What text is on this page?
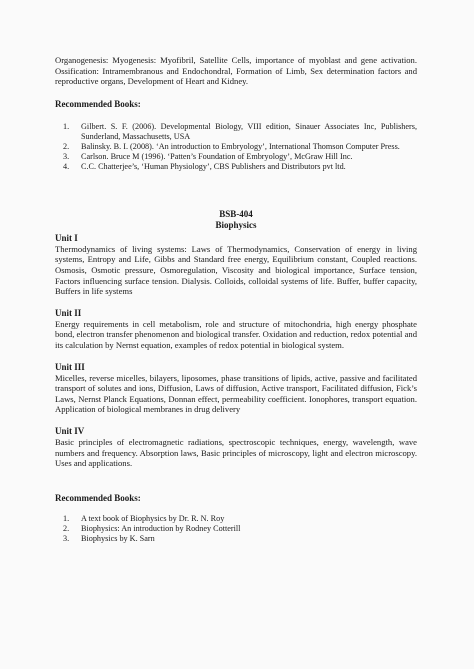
Organogenesis: Myogenesis: Myofibril, Satellite Cells, importance of myoblast and gene activation. Ossification: Intramembranous and Endochondral, Formation of Limb, Sex determination factors and reproductive organs, Development of Heart and Kidney.

Recommended Books:

1.	Gilbert. S. F. (2006). Developmental Biology, VIII edition, Sinauer Associates Inc, Publishers, Sunderland, Massachusetts, USA
2.	Balinsky. B. I. (2008). ‘An introduction to Embryology’, International Thomson Computer Press.
3.	Carlson. Bruce M (1996). ‘Patten’s Foundation of Embryology’, McGraw Hill Inc.
4.	C.C. Chatterjee’s, ‘Human Physiology’, CBS Publishers and Distributors pvt ltd.

BSB-404

Biophysics

Unit I

Thermodynamics of living systems: Laws of Thermodynamics, Conservation of energy in living systems, Entropy and Life, Gibbs and Standard free energy, Equilibrium constant, Coupled reactions. Osmosis, Osmotic pressure, Osmoregulation, Viscosity and biological importance, Surface tension, Factors influencing surface tension. Dialysis. Colloids, colloidal systems of life. Buffer, buffer capacity, Buffers in life systems

Unit II

Energy requirements in cell metabolism, role and structure of mitochondria, high energy phosphate bond, electron transfer phenomenon and biological transfer. Oxidation and reduction, redox potential and its calculation by Nernst equation, examples of redox potential in biological system.

Unit III

Micelles, reverse micelles, bilayers, liposomes, phase transitions of lipids, active, passive and facilitated transport of solutes and ions, Diffusion, Laws of diffusion, Active transport, Facilitated diffusion, Fick’s Laws, Nernst Planck Equations, Donnan effect, permeability coefficient. Ionophores, transport equation. Application of biological membranes in drug delivery

Unit IV

Basic principles of electromagnetic radiations, spectroscopic techniques, energy, wavelength, wave numbers and frequency. Absorption laws, Basic principles of microscopy, light and electron microscopy. Uses and applications.

Recommended Books:

1.	A text book of Biophysics by Dr. R. N. Roy
2.	Biophysics: An introduction by Rodney Cotterill
3.	Biophysics by K. Sarn
